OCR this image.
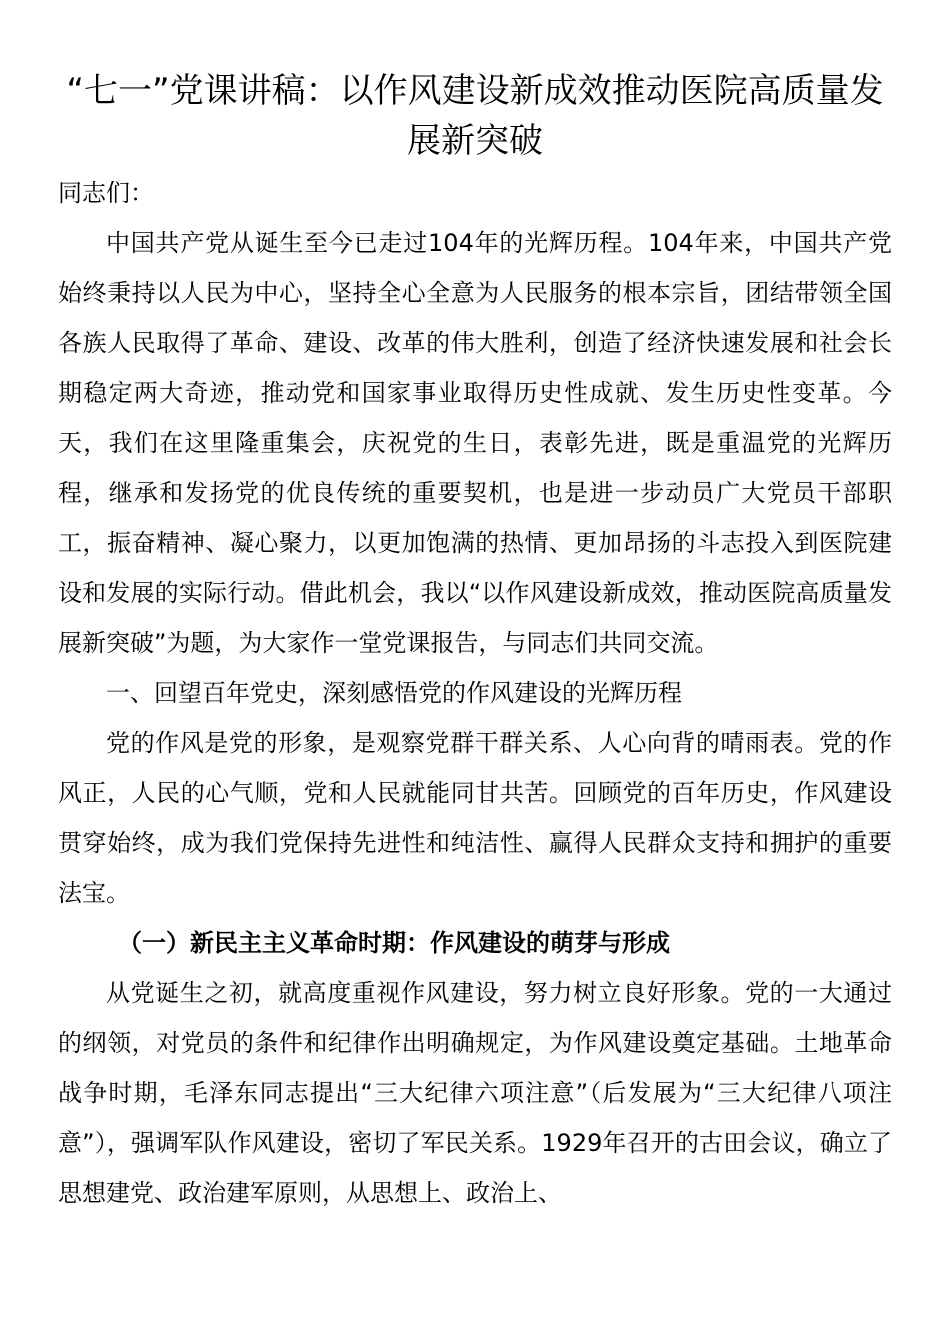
“七一”党课讲稿：以作风建设新成效推动医院高质量发展新突破

同志们：

中国共产党从诞生至今已走过104年的光辉历程。104年来，中国共产党始终秉持以人民为中心，坚持全心全意为人民服务的根本宗旨，团结带领全国各族人民取得了革命、建设、改革的伟大胜利，创造了经济快速发展和社会长期稳定两大奇迹，推动党和国家事业取得历史性成就、发生历史性变革。今天，我们在这里隆重集会，庆祝党的生日，表彰先进，既是重温党的光辉历程，继承和发扬党的优良传统的重要契机，也是进一步动员广大党员干部职工，振奋精神、凝心聚力，以更加饱满的热情、更加昂扬的斗志投入到医院建设和发展的实际行动。借此机会，我以“以作风建设新成效，推动医院高质量发展新突破”为题，为大家作一堂党课报告，与同志们共同交流。

一、回望百年党史，深刻感悟党的作风建设的光辉历程

党的作风是党的形象，是观察党群干群关系、人心向背的晴雨表。党的作风正，人民的心气顺，党和人民就能同甘共苦。回顾党的百年历史，作风建设贯穿始终，成为我们党保持先进性和纯洁性、赢得人民群众支持和拥护的重要法宝。

（一）新民主主义革命时期：作风建设的萌芽与形成

从党诞生之初，就高度重视作风建设，努力树立良好形象。党的一大通过的纲领，对党员的条件和纪律作出明确规定，为作风建设奠定基础。土地革命战争时期，毛泽东同志提出“三大纪律六项注意”（后发展为“三大纪律八项注意”），强调军队作风建设，密切了军民关系。1929年召开的古田会议，确立了思想建党、政治建军原则，从思想上、政治上、
